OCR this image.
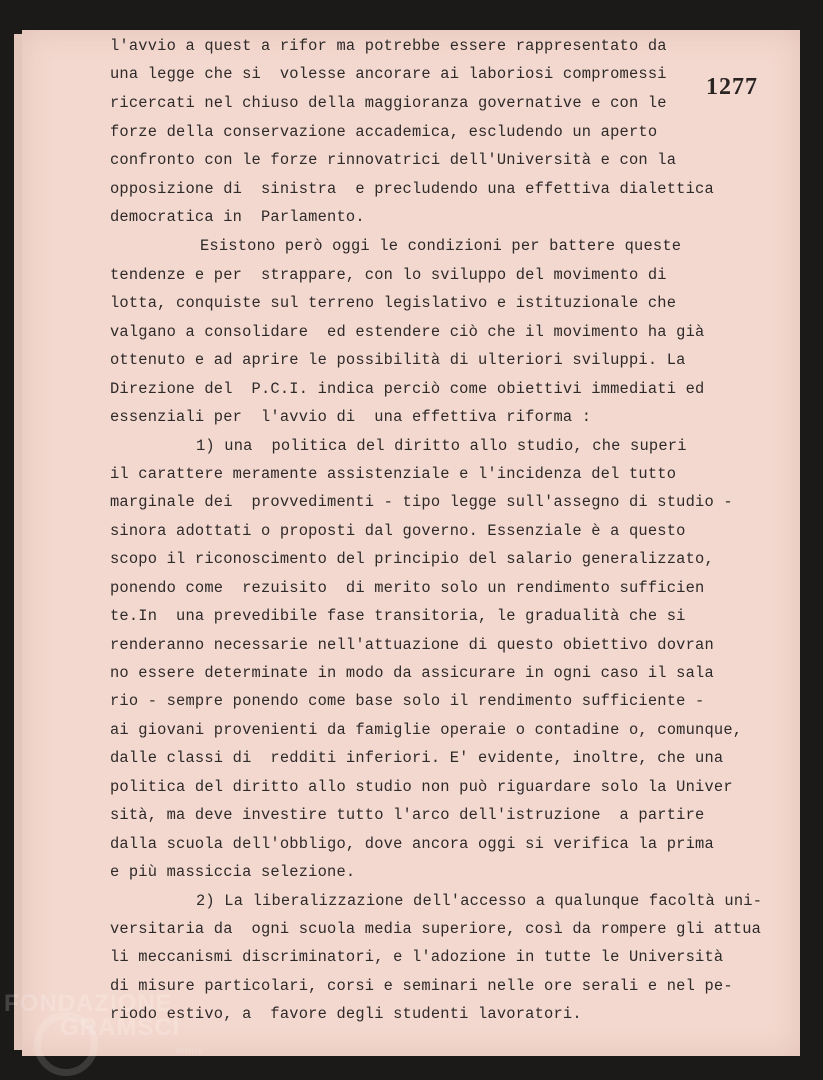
1277
l'avvio a quest a rifor ma potrebbe essere rappresentato da
una legge che si  volesse ancorare ai laboriosi compromessi
ricercati nel chiuso della maggioranza governative e con le
forze della conservazione accademica, escludendo un aperto
confronto con le forze rinnovatrici dell'Università e con la
opposizione di  sinistra  e precludendo una effettiva dialettica
democratica in  Parlamento.
Esistono però oggi le condizioni per battere queste
tendenze e per  strappare, con lo sviluppo del movimento di
lotta, conquiste sul terreno legislativo e istituzionale che
valgano a consolidare  ed estendere ciò che il movimento ha già
ottenuto e ad aprire le possibilità di ulteriori sviluppi. La
Direzione del  P.C.I. indica perciò come obiettivi immediati ed
essenziali per  l'avvio di  una effettiva riforma :
1) una  politica del diritto allo studio, che superi
il carattere meramente assistenziale e l'incidenza del tutto
marginale dei  provvedimenti - tipo legge sull'assegno di studio -
sinora adottati o proposti dal governo. Essenziale è a questo
scopo il riconoscimento del principio del salario generalizzato,
ponendo come  rezuisito  di merito solo un rendimento sufficien
te.In  una prevedibile fase transitoria, le gradualità che si
renderanno necessarie nell'attuazione di questo obiettivo dovran
no essere determinate in modo da assicurare in ogni caso il sala
rio - sempre ponendo come base solo il rendimento sufficiente -
ai giovani provenienti da famiglie operaie o contadine o, comunque,
dalle classi di  redditi inferiori. E' evidente, inoltre, che una
politica del diritto allo studio non può riguardare solo la Univer
sità, ma deve investire tutto l'arco dell'istruzione  a partire
dalla scuola dell'obbligo, dove ancora oggi si verifica la prima
e più massiccia selezione.
2) La liberalizzazione dell'accesso a qualunque facoltà uni-
versitaria da  ogni scuola media superiore, così da rompere gli attua
li meccanismi discriminatori, e l'adozione in tutte le Università
di misure particolari, corsi e seminari nelle ore serali e nel pe-
riodo estivo, a  favore degli studenti lavoratori.
FONDAZIONE
GRAMSCI
onlus
